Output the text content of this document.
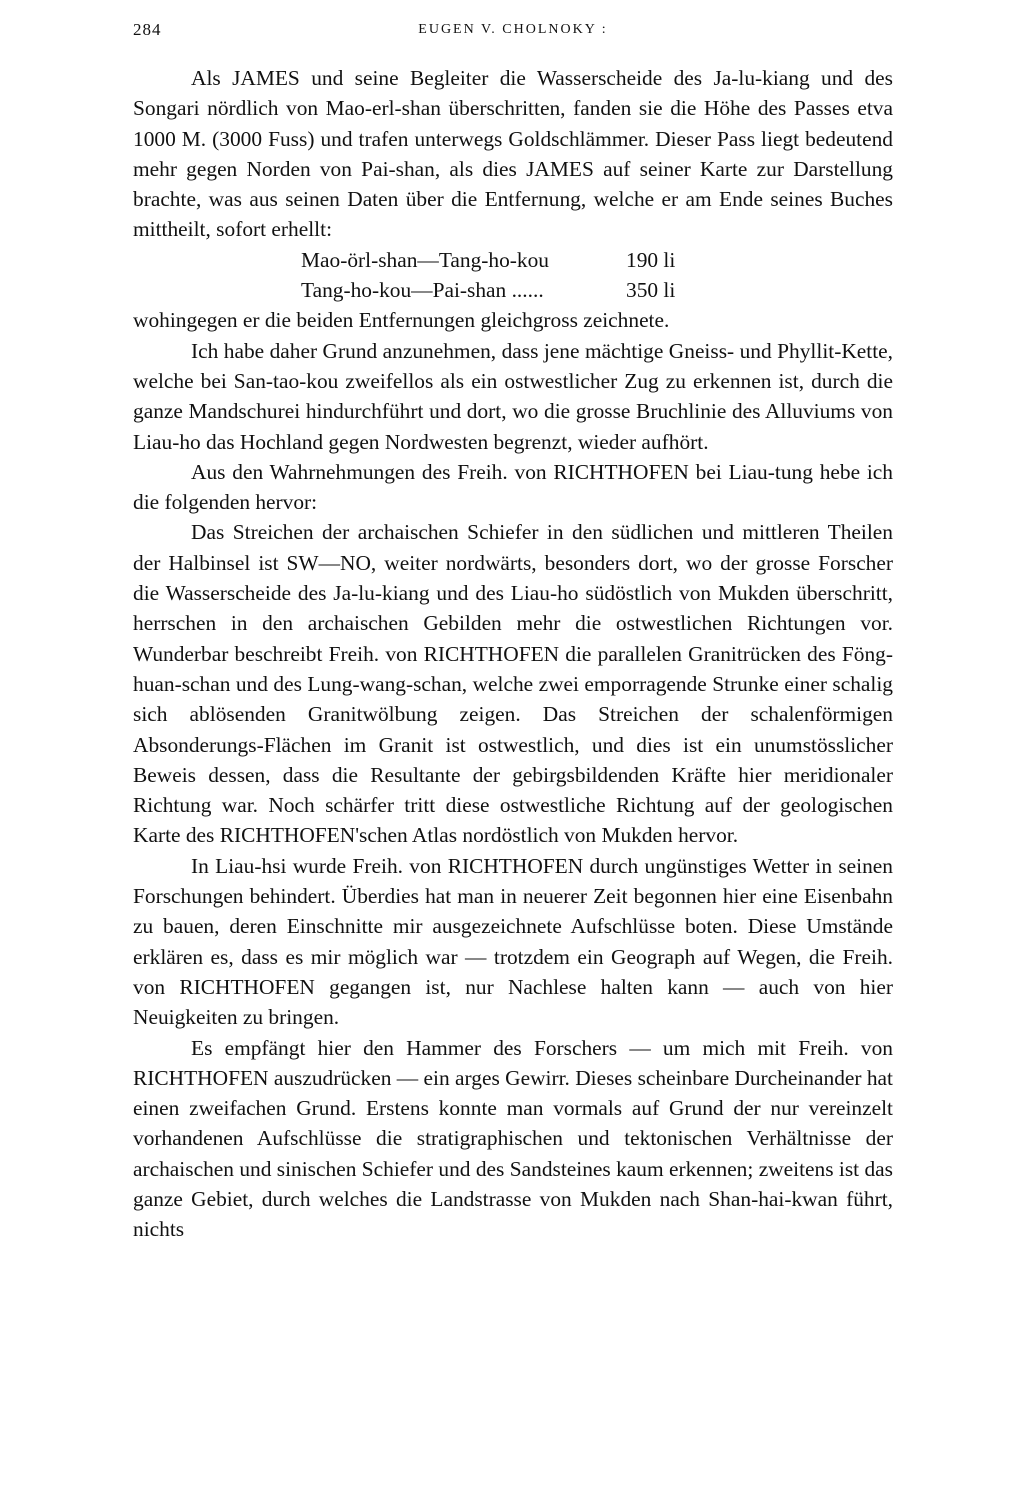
284	EUGEN V. CHOLNOKY :

Als JAMES und seine Begleiter die Wasserscheide des Ja-lu-kiang und des Songari nördlich von Mao-erl-shan überschritten, fanden sie die Höhe des Passes etva 1000 M. (3000 Fuss) und trafen unterwegs Goldschlämmer. Dieser Pass liegt bedeutend mehr gegen Norden von Pai-shan, als dies JAMES auf seiner Karte zur Darstellung brachte, was aus seinen Daten über die Entfernung, welche er am Ende seines Buches mittheilt, sofort erhellt:

Mao-örl-shan—Tang-ho-kou	190 li
Tang-ho-kou—Pai-shan ......	350 li

wohingegen er die beiden Entfernungen gleichgross zeichnete.

Ich habe daher Grund anzunehmen, dass jene mächtige Gneiss- und Phyllit-Kette, welche bei San-tao-kou zweifellos als ein ostwestlicher Zug zu erkennen ist, durch die ganze Mandschurei hindurchführt und dort, wo die grosse Bruchlinie des Alluviums von Liau-ho das Hochland gegen Nordwesten begrenzt, wieder aufhört.

Aus den Wahrnehmungen des Freih. von RICHTHOFEN bei Liau-tung hebe ich die folgenden hervor:

Das Streichen der archaischen Schiefer in den südlichen und mittleren Theilen der Halbinsel ist SW—NO, weiter nordwärts, besonders dort, wo der grosse Forscher die Wasserscheide des Ja-lu-kiang und des Liau-ho südöstlich von Mukden überschritt, herrschen in den archaischen Gebilden mehr die ostwestlichen Richtungen vor. Wunderbar beschreibt Freih. von RICHTHOFEN die parallelen Granitrücken des Föng-huan-schan und des Lung-wang-schan, welche zwei emporragende Strunke einer schalig sich ablösenden Granitwölbung zeigen. Das Streichen der schalenförmigen Absonderungs-Flächen im Granit ist ostwestlich, und dies ist ein unumstösslicher Beweis dessen, dass die Resultante der gebirgsbildenden Kräfte hier meridionaler Richtung war. Noch schärfer tritt diese ostwestliche Richtung auf der geologischen Karte des RICHTHOFEN'schen Atlas nordöstlich von Mukden hervor.

In Liau-hsi wurde Freih. von RICHTHOFEN durch ungünstiges Wetter in seinen Forschungen behindert. Überdies hat man in neuerer Zeit begonnen hier eine Eisenbahn zu bauen, deren Einschnitte mir ausgezeichnete Aufschlüsse boten. Diese Umstände erklären es, dass es mir möglich war — trotzdem ein Geograph auf Wegen, die Freih. von RICHTHOFEN gegangen ist, nur Nachlese halten kann — auch von hier Neuigkeiten zu bringen.

Es empfängt hier den Hammer des Forschers — um mich mit Freih. von RICHTHOFEN auszudrücken — ein arges Gewirr. Dieses scheinbare Durcheinander hat einen zweifachen Grund. Erstens konnte man vormals auf Grund der nur vereinzelt vorhandenen Aufschlüsse die stratigraphischen und tektonischen Verhältnisse der archaischen und sinischen Schiefer und des Sandsteines kaum erkennen; zweitens ist das ganze Gebiet, durch welches die Landstrasse von Mukden nach Shan-hai-kwan führt, nichts
